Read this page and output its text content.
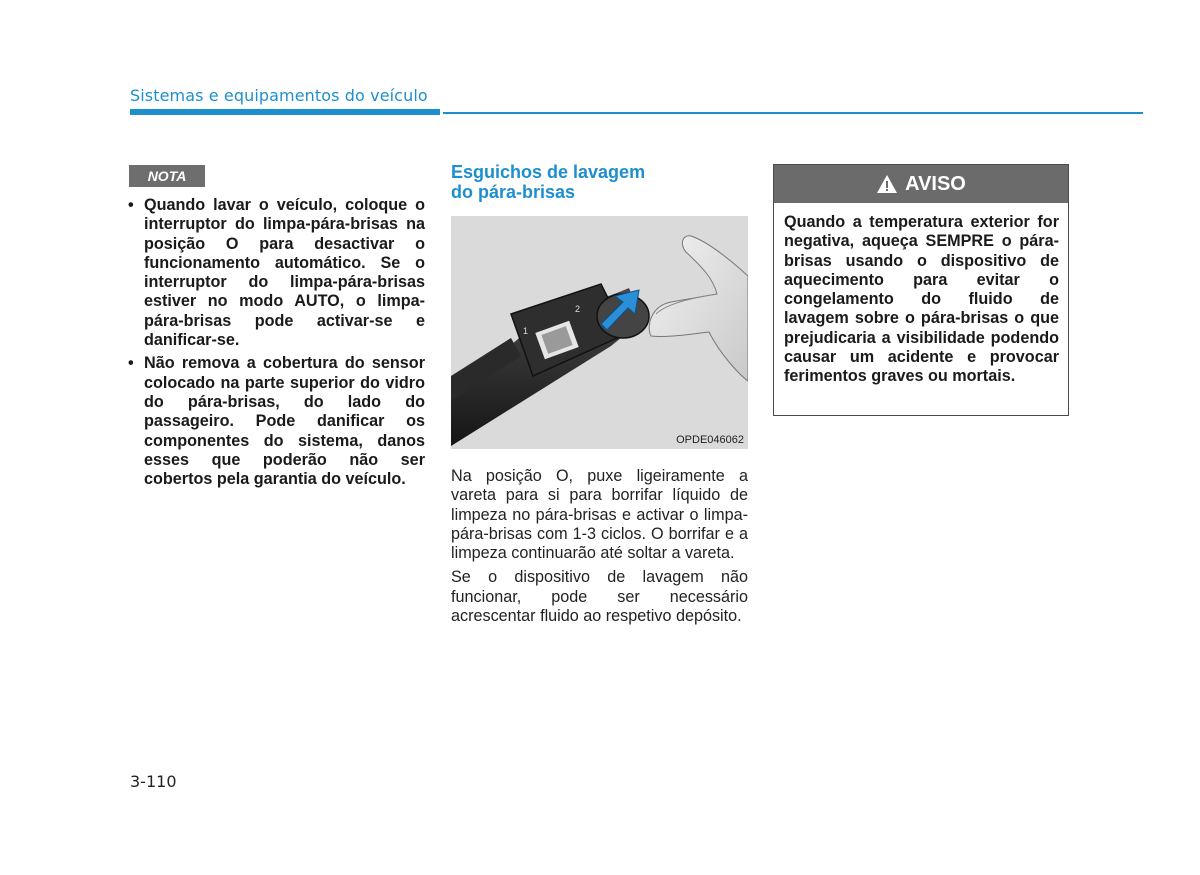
Sistemas e equipamentos do veículo
NOTA
• Quando lavar o veículo, coloque o interruptor do limpa-pára-brisas na posição O para desactivar o funcionamento automático. Se o interruptor do limpa-pára-brisas estiver no modo AUTO, o limpa-pára-brisas pode activar-se e danificar-se.
• Não remova a cobertura do sensor colocado na parte superior do vidro do pára-brisas, do lado do passageiro. Pode danificar os componentes do sistema, danos esses que poderão não ser cobertos pela garantia do veículo.
Esguichos de lavagem
do pára-brisas
⌒
1
2
OPDE046062

Na posição O, puxe ligeiramente a vareta para si para borrifar líquido de limpeza no pára-brisas e activar o limpa-pára-brisas com 1-3 ciclos. O borrifar e a limpeza continuarão até soltar a vareta.

Se o dispositivo de lavagem não funcionar, pode ser necessário acrescentar fluido ao respetivo depósito.

AVISO
Quando a temperatura exterior for negativa, aqueça SEMPRE o pára-brisas usando o dispositivo de aquecimento para evitar o congelamento do fluido de lavagem sobre o pára-brisas o que prejudicaria a visibilidade podendo causar um acidente e provocar ferimentos graves ou mortais.
3-110
